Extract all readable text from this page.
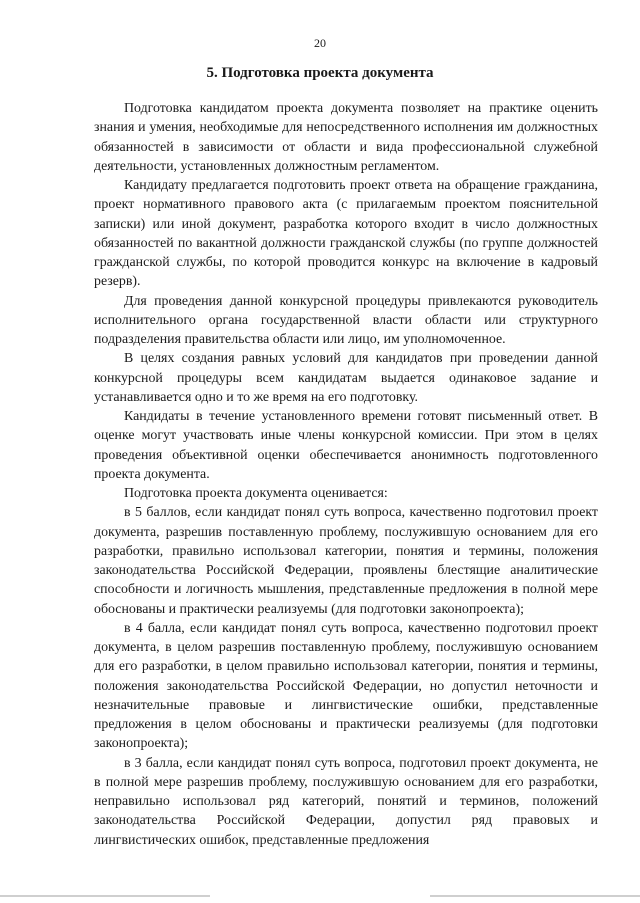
20
5. Подготовка проекта документа

Подготовка кандидатом проекта документа позволяет на практике оценить знания и умения, необходимые для непосредственного исполнения им должностных обязанностей в зависимости от области и вида профессиональной служебной деятельности, установленных должностным регламентом.

Кандидату предлагается подготовить проект ответа на обращение гражданина, проект нормативного правового акта (с прилагаемым проектом пояснительной записки) или иной документ, разработка которого входит в число должностных обязанностей по вакантной должности гражданской службы (по группе должностей гражданской службы, по которой проводится конкурс на включение в кадровый резерв).

Для проведения данной конкурсной процедуры привлекаются руководитель исполнительного органа государственной власти области или структурного подразделения правительства области или лицо, им уполномоченное.

В целях создания равных условий для кандидатов при проведении данной конкурсной процедуры всем кандидатам выдается одинаковое задание и устанавливается одно и то же время на его подготовку.

Кандидаты в течение установленного времени готовят письменный ответ. В оценке могут участвовать иные члены конкурсной комиссии. При этом в целях проведения объективной оценки обеспечивается анонимность подготовленного проекта документа.

Подготовка проекта документа оценивается:

в 5 баллов, если кандидат понял суть вопроса, качественно подготовил проект документа, разрешив поставленную проблему, послужившую основанием для его разработки, правильно использовал категории, понятия и термины, положения законодательства Российской Федерации, проявлены блестящие аналитические способности и логичность мышления, представленные предложения в полной мере обоснованы и практически реализуемы (для подготовки законопроекта);

в 4 балла, если кандидат понял суть вопроса, качественно подготовил проект документа, в целом разрешив поставленную проблему, послужившую основанием для его разработки, в целом правильно использовал категории, понятия и термины, положения законодательства Российской Федерации, но допустил неточности и незначительные правовые и лингвистические ошибки, представленные предложения в целом обоснованы и практически реализуемы (для подготовки законопроекта);

в 3 балла, если кандидат понял суть вопроса, подготовил проект документа, не в полной мере разрешив проблему, послужившую основанием для его разработки, неправильно использовал ряд категорий, понятий и терминов, положений законодательства Российской Федерации, допустил ряд правовых и лингвистических ошибок, представленные предложения
